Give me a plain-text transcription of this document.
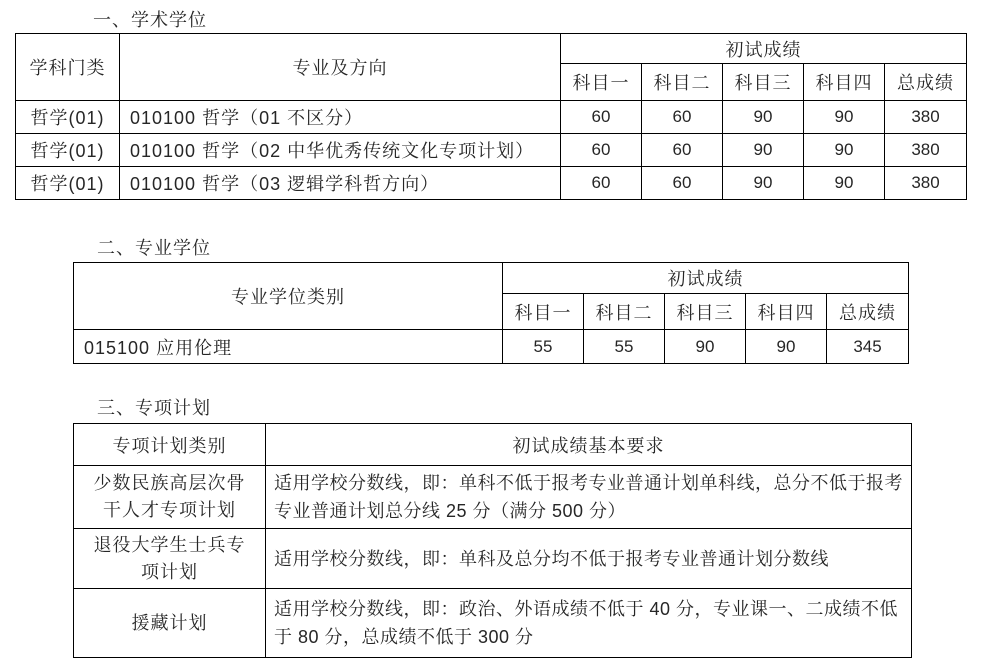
一、学术学位
学科门类	专业及方向	初试成绩				
		科目一	科目二	科目三	科目四	总成绩
哲学(01)	010100 哲学（01 不区分）	60	60	90	90	380
哲学(01)	010100 哲学（02 中华优秀传统文化专项计划）	60	60	90	90	380
哲学(01)	010100 哲学（03 逻辑学科哲方向）	60	60	90	90	380
二、专业学位
专业学位类别	初试成绩				
	科目一	科目二	科目三	科目四	总成绩
015100 应用伦理	55	55	90	90	345
三、专项计划
专项计划类别	初试成绩基本要求
少数民族高层次骨干人才专项计划	适用学校分数线，即：单科不低于报考专业普通计划单科线，总分不低于报考专业普通计划总分线 25 分（满分 500 分）
退役大学生士兵专项计划	适用学校分数线，即：单科及总分均不低于报考专业普通计划分数线
援藏计划	适用学校分数线，即：政治、外语成绩不低于 40 分，专业课一、二成绩不低于 80 分，总成绩不低于 300 分
